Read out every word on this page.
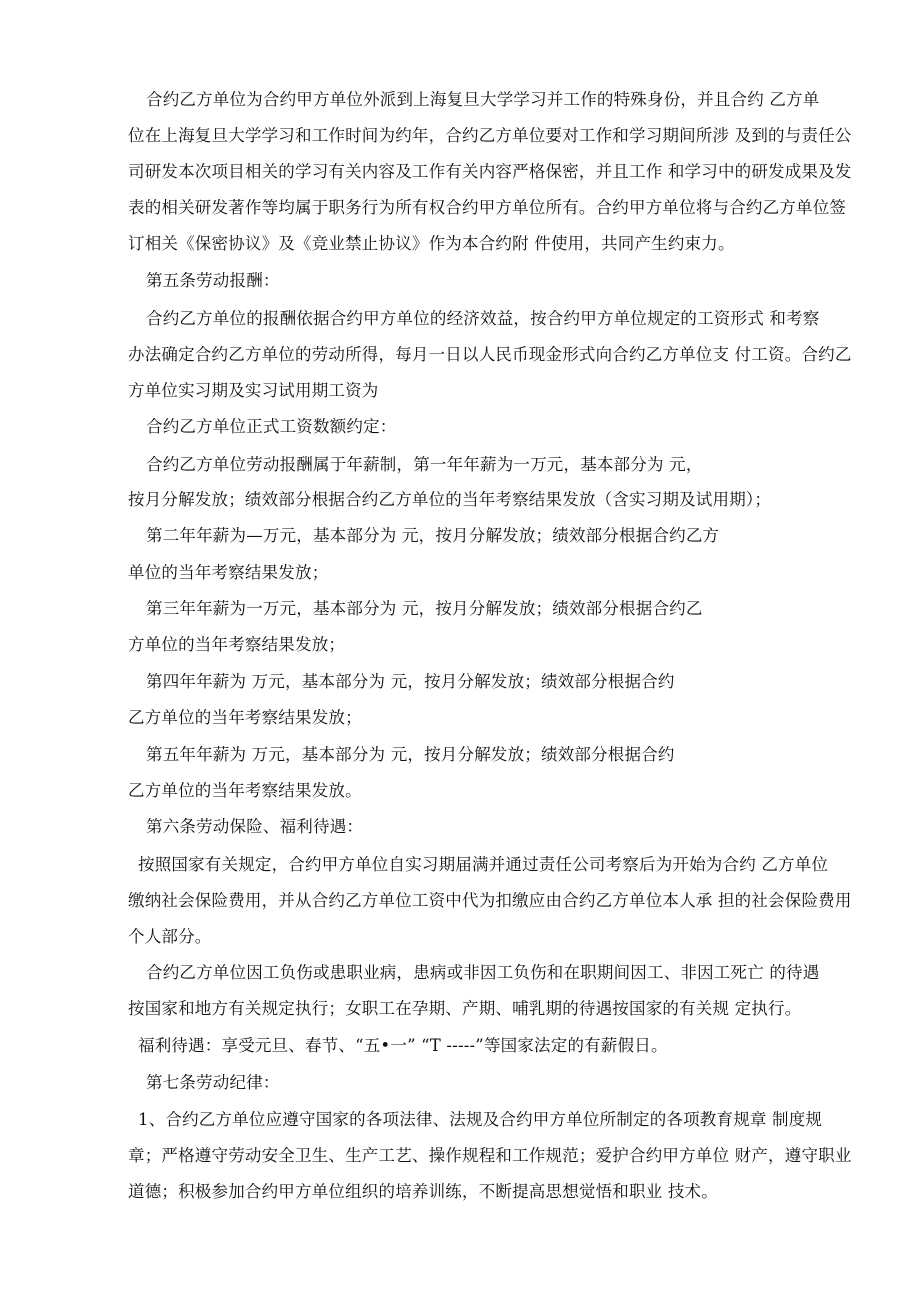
合约乙方单位为合约甲方单位外派到上海复旦大学学习并工作的特殊身份，并且合约 乙方单

位在上海复旦大学学习和工作时间为约年，合约乙方单位要对工作和学习期间所涉 及到的与责任公

司研发本次项目相关的学习有关内容及工作有关内容严格保密，并且工作 和学习中的研发成果及发

表的相关研发著作等均属于职务行为所有权合约甲方单位所有。合约甲方单位将与合约乙方单位签

订相关《保密协议》及《竞业禁止协议》作为本合约附 件使用，共同产生约束力。

第五条劳动报酬：

合约乙方单位的报酬依据合约甲方单位的经济效益，按合约甲方单位规定的工资形式 和考察

办法确定合约乙方单位的劳动所得，每月一日以人民币现金形式向合约乙方单位支 付工资。合约乙

方单位实习期及实习试用期工资为

合约乙方单位正式工资数额约定：

合约乙方单位劳动报酬属于年薪制，第一年年薪为一万元，基本部分为 元，

按月分解发放；绩效部分根据合约乙方单位的当年考察结果发放（含实习期及试用期）；

第二年年薪为—万元，基本部分为 元，按月分解发放；绩效部分根据合约乙方

单位的当年考察结果发放；

第三年年薪为一万元，基本部分为 元，按月分解发放；绩效部分根据合约乙

方单位的当年考察结果发放；

第四年年薪为 万元，基本部分为 元，按月分解发放；绩效部分根据合约

乙方单位的当年考察结果发放；

第五年年薪为 万元，基本部分为 元，按月分解发放；绩效部分根据合约

乙方单位的当年考察结果发放。

第六条劳动保险、福利待遇：

按照国家有关规定，合约甲方单位自实习期届满并通过责任公司考察后为开始为合约 乙方单位

缴纳社会保险费用，并从合约乙方单位工资中代为扣缴应由合约乙方单位本人承 担的社会保险费用

个人部分。

合约乙方单位因工负伤或患职业病，患病或非因工负伤和在职期间因工、非因工死亡 的待遇

按国家和地方有关规定执行；女职工在孕期、产期、哺乳期的待遇按国家的有关规 定执行。

福利待遇：享受元旦、春节、“五•一” “T -----”等国家法定的有薪假日。

第七条劳动纪律：

1、合约乙方单位应遵守国家的各项法律、法规及合约甲方单位所制定的各项教育规章 制度规

章；严格遵守劳动安全卫生、生产工艺、操作规程和工作规范；爱护合约甲方单位 财产，遵守职业

道德；积极参加合约甲方单位组织的培养训练，不断提高思想觉悟和职业 技术。
